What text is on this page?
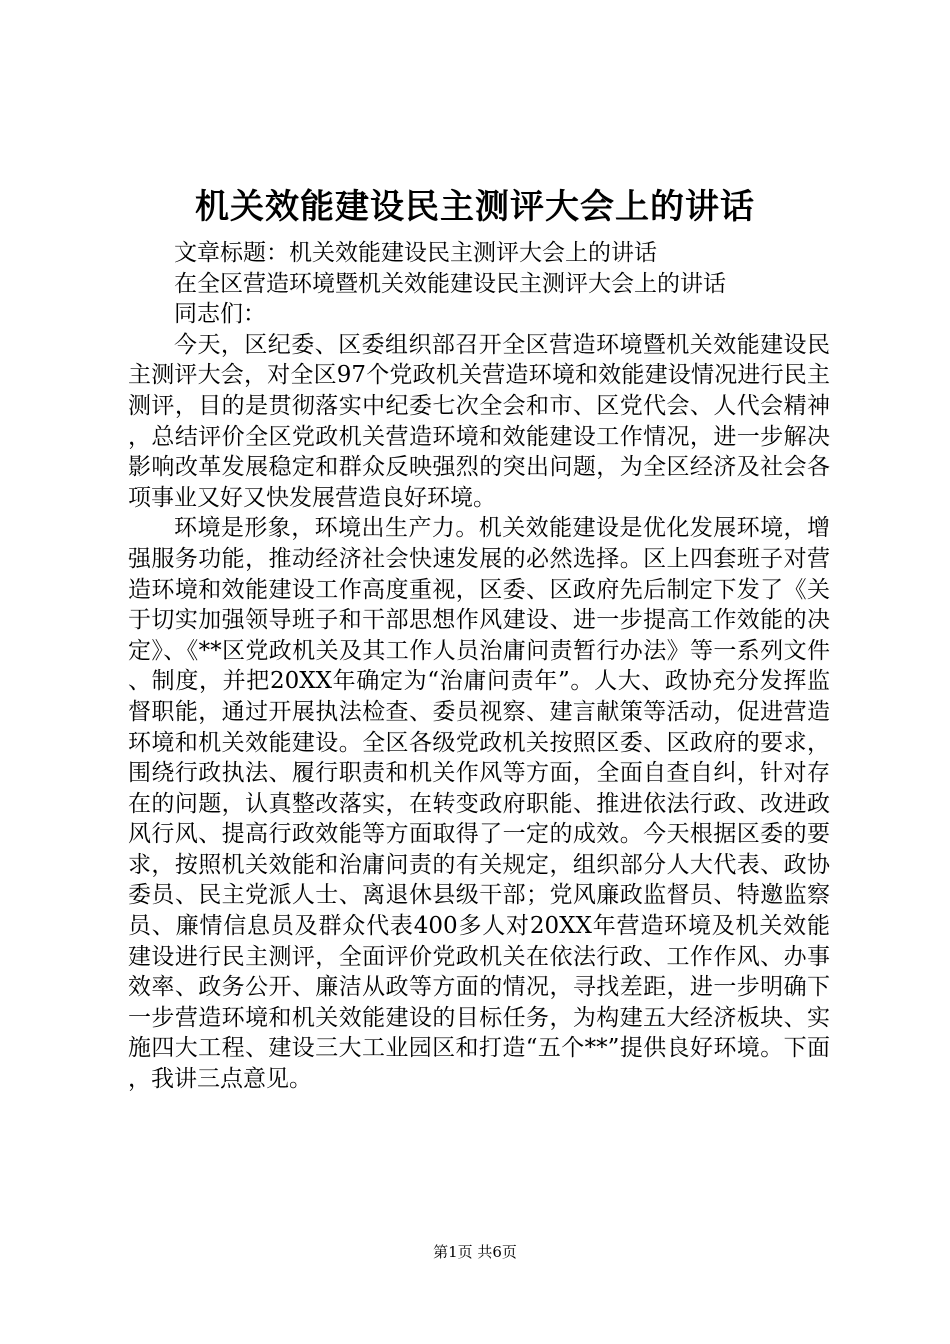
机关效能建设民主测评大会上的讲话

文章标题：机关效能建设民主测评大会上的讲话

在全区营造环境暨机关效能建设民主测评大会上的讲话

同志们：

今天，区纪委、区委组织部召开全区营造环境暨机关效能建设民主测评大会，对全区97个党政机关营造环境和效能建设情况进行民主测评，目的是贯彻落实中纪委七次全会和市、区党代会、人代会精神，总结评价全区党政机关营造环境和效能建设工作情况，进一步解决影响改革发展稳定和群众反映强烈的突出问题，为全区经济及社会各项事业又好又快发展营造良好环境。

环境是形象，环境出生产力。机关效能建设是优化发展环境，增强服务功能，推动经济社会快速发展的必然选择。区上四套班子对营造环境和效能建设工作高度重视，区委、区政府先后制定下发了《关于切实加强领导班子和干部思想作风建设、进一步提高工作效能的决定》、《**区党政机关及其工作人员治庸问责暂行办法》等一系列文件、制度，并把20XX年确定为“治庸问责年”。人大、政协充分发挥监督职能，通过开展执法检查、委员视察、建言献策等活动，促进营造环境和机关效能建设。全区各级党政机关按照区委、区政府的要求，围绕行政执法、履行职责和机关作风等方面，全面自查自纠，针对存在的问题，认真整改落实，在转变政府职能、推进依法行政、改进政风行风、提高行政效能等方面取得了一定的成效。今天根据区委的要求，按照机关效能和治庸问责的有关规定，组织部分人大代表、政协委员、民主党派人士、离退休县级干部；党风廉政监督员、特邀监察员、廉情信息员及群众代表400多人对20XX年营造环境及机关效能建设进行民主测评，全面评价党政机关在依法行政、工作作风、办事效率、政务公开、廉洁从政等方面的情况，寻找差距，进一步明确下一步营造环境和机关效能建设的目标任务，为构建五大经济板块、实施四大工程、建设三大工业园区和打造“五个**”提供良好环境。下面，我讲三点意见。

第1页 共6页
